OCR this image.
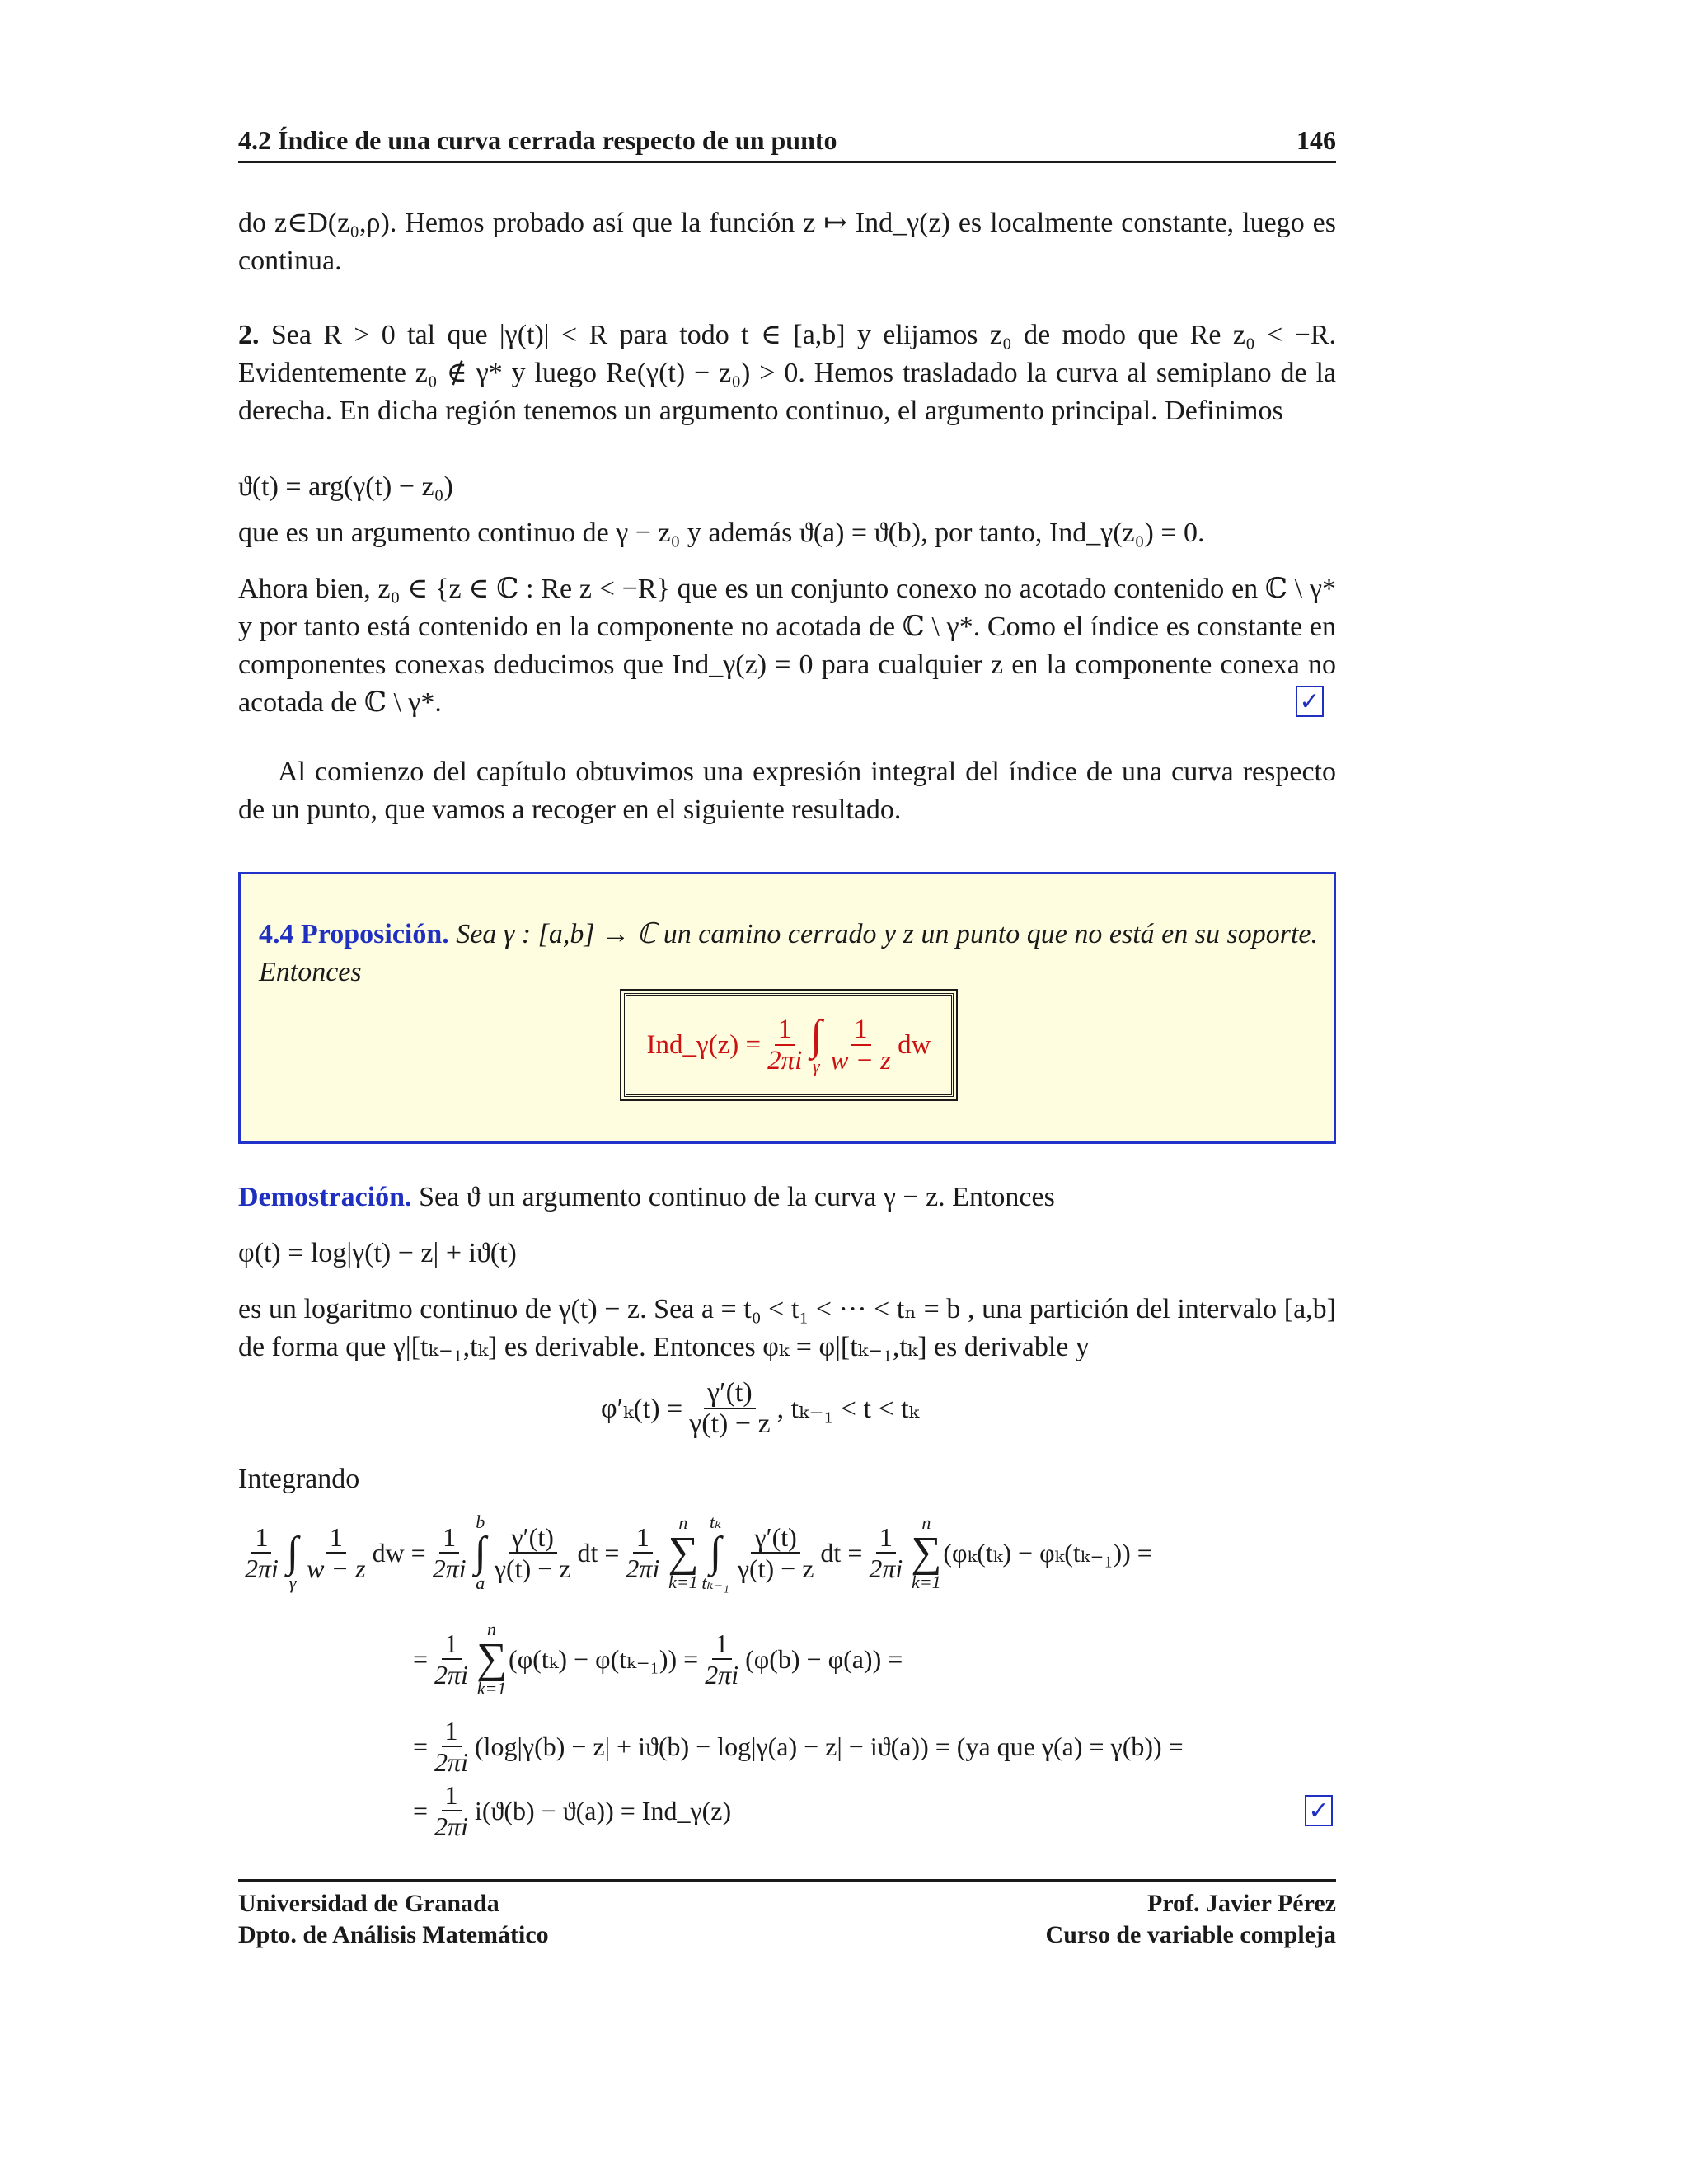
4.2 Índice de una curva cerrada respecto de un punto	146
do z∈D(z₀,ρ). Hemos probado así que la función z ↦ Ind_γ(z) es localmente constante, luego es continua.
2. Sea R > 0 tal que |γ(t)| < R para todo t ∈ [a,b] y elijamos z₀ de modo que Re z₀ < −R. Evidentemente z₀ ∉ γ* y luego Re(γ(t) − z₀) > 0. Hemos trasladado la curva al semiplano de la derecha. En dicha región tenemos un argumento continuo, el argumento principal. Definimos
ϑ(t) = arg(γ(t) − z₀)
que es un argumento continuo de γ − z₀ y además ϑ(a) = ϑ(b), por tanto, Ind_γ(z₀) = 0.
Ahora bien, z₀ ∈ {z ∈ ℂ : Re z < −R} que es un conjunto conexo no acotado contenido en ℂ \ γ* y por tanto está contenido en la componente no acotada de ℂ \ γ*. Como el índice es constante en componentes conexas deducimos que Ind_γ(z) = 0 para cualquier z en la componente conexa no acotada de ℂ \ γ*.	✓
Al comienzo del capítulo obtuvimos una expresión integral del índice de una curva respecto de un punto, que vamos a recoger en el siguiente resultado.
4.4 Proposición. Sea γ : [a,b] → ℂ un camino cerrado y z un punto que no está en su soporte. Entonces
Ind_γ(z) = $\frac{1}{2\pi i}$ ∫
γ $\frac{1}{w - z}$ dw
Demostración. Sea ϑ un argumento continuo de la curva γ − z. Entonces
φ(t) = log|γ(t) − z| + iϑ(t)
es un logaritmo continuo de γ(t) − z. Sea a = t₀ < t₁ < ··· < tₙ = b , una partición del intervalo [a,b] de forma que γ|[tₖ₋₁,tₖ] es derivable. Entonces φₖ = φ|[tₖ₋₁,tₖ] es derivable y
$\varphi'_k(t) = \frac{\gamma'(t)}{\gamma(t) - z}$ , tₖ₋₁ < t < tₖ
Integrando
$\frac{1}{2\pi i}$
∫
γ $\frac{1}{w - z}$ dw = $\frac{1}{2\pi i}$
b
∫
a $\frac{\gamma'(t)}{\gamma(t) - z}$ dt = $\frac{1}{2\pi i}$ n
∑
k=1
tₖ
∫
$t_{k-1} \frac{\gamma'(t)}{\gamma(t) - z}$ dt = $\frac{1}{2\pi i}$ n
∑
k=1
(φₖ(tₖ) − φₖ(tₖ₋₁)) =
= $\frac{1}{2\pi i}$ n
∑
k=1
$(\varphi(t_k) - \varphi(t_{k-1})) = \frac{1}{2\pi i} (\varphi(b) - \varphi(a))$ =
= $\frac{1}{2\pi i} (\log|\gamma(b) - z| + iϑ(b) - \log|\gamma(a) - z| - iϑ(a)) = (ya$ que γ(a) = γ(b)) =
= $\frac{1}{2\pi i} i(ϑ(b) - ϑ(a))$ = Ind_γ(z)	✓
Universidad de Granada
Dpto. de Análisis Matemático
Prof. Javier Pérez
Curso de variable compleja
